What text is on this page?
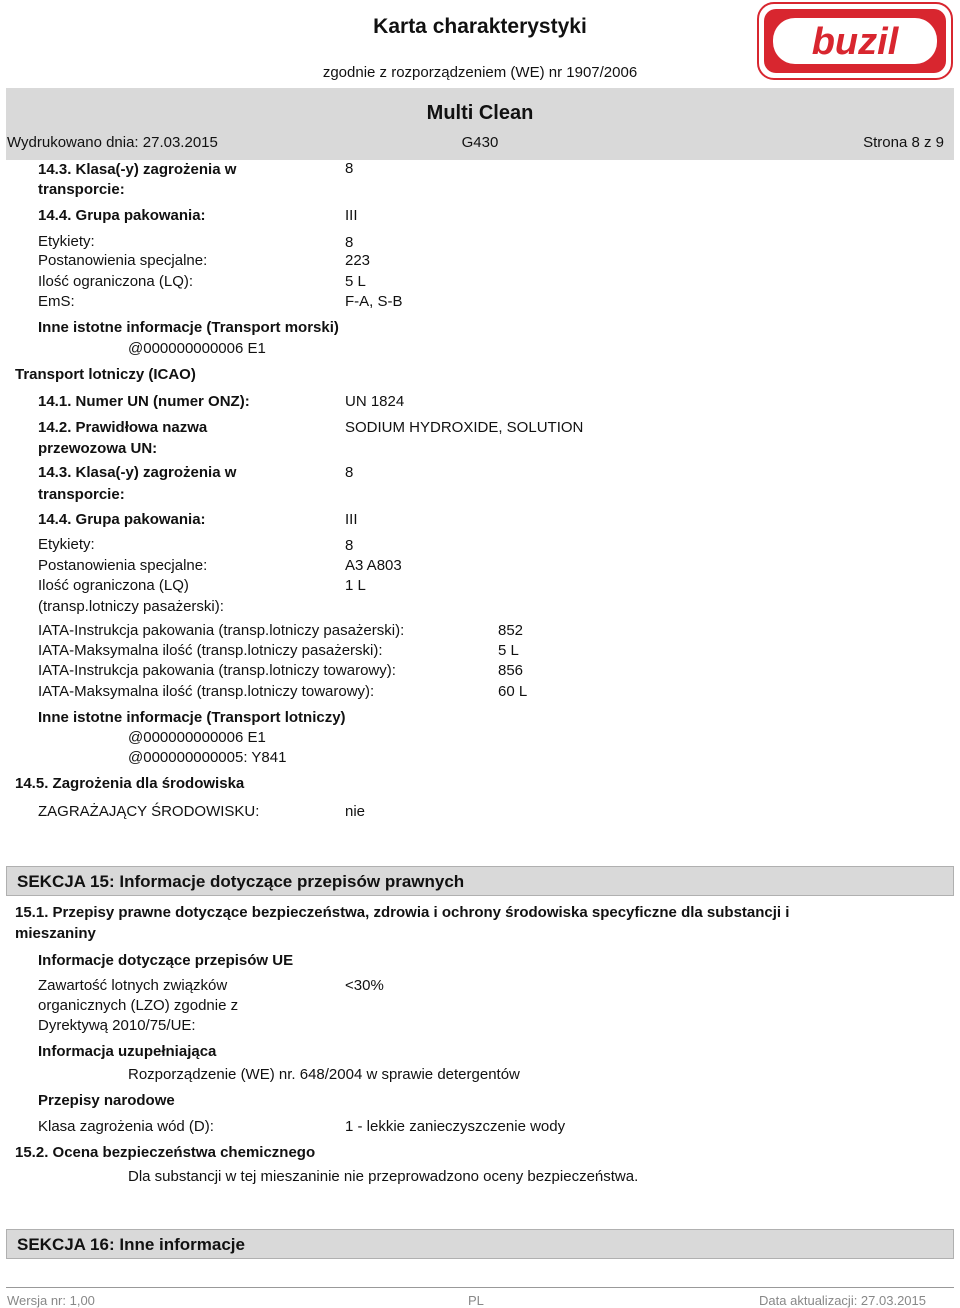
Karta charakterystyki
zgodnie z rozporządzeniem (WE) nr 1907/2006
buzil
Multi Clean
Wydrukowano dnia: 27.03.2015	G430	Strona 8 z 9
14.3. Klasa(-y) zagrożenia w transporcie:
8
14.4. Grupa pakowania:	III
Etykiety:	8
Postanowienia specjalne:	223
Ilość ograniczona (LQ):	5 L
EmS:	F-A, S-B
Inne istotne informacje (Transport morski)
@000000000006 E1
Transport lotniczy (ICAO)
14.1. Numer UN (numer ONZ):	UN 1824
14.2. Prawidłowa nazwa
przewozowa UN:
SODIUM HYDROXIDE, SOLUTION
14.3. Klasa(-y) zagrożenia w
transporcie:
8
14.4. Grupa pakowania:	III
Etykiety:	8
Postanowienia specjalne:	A3 A803
Ilość ograniczona (LQ)
(transp.lotniczy pasażerski):
1 L
IATA-Instrukcja pakowania (transp.lotniczy pasażerski):	852
IATA-Maksymalna ilość (transp.lotniczy pasażerski):	5 L
IATA-Instrukcja pakowania (transp.lotniczy towarowy):	856
IATA-Maksymalna ilość (transp.lotniczy towarowy):	60 L
Inne istotne informacje (Transport lotniczy)
@000000000006 E1
@000000000005: Y841
14.5. Zagrożenia dla środowiska
ZAGRAŻAJĄCY ŚRODOWISKU:	nie
SEKCJA 15: Informacje dotyczące przepisów prawnych
15.1. Przepisy prawne dotyczące bezpieczeństwa, zdrowia i ochrony środowiska specyficzne dla substancji i
mieszaniny
Informacje dotyczące przepisów UE
Zawartość lotnych związków
organicznych (LZO) zgodnie z
Dyrektywą 2010/75/UE:
<30%
Informacja uzupełniająca
Rozporządzenie (WE) nr. 648/2004 w sprawie detergentów
Przepisy narodowe
Klasa zagrożenia wód (D):	1 - lekkie zanieczyszczenie wody
15.2. Ocena bezpieczeństwa chemicznego
Dla substancji w tej mieszaninie nie przeprowadzono oceny bezpieczeństwa.
SEKCJA 16: Inne informacje
Wersja nr: 1,00	PL	Data aktualizacji: 27.03.2015
